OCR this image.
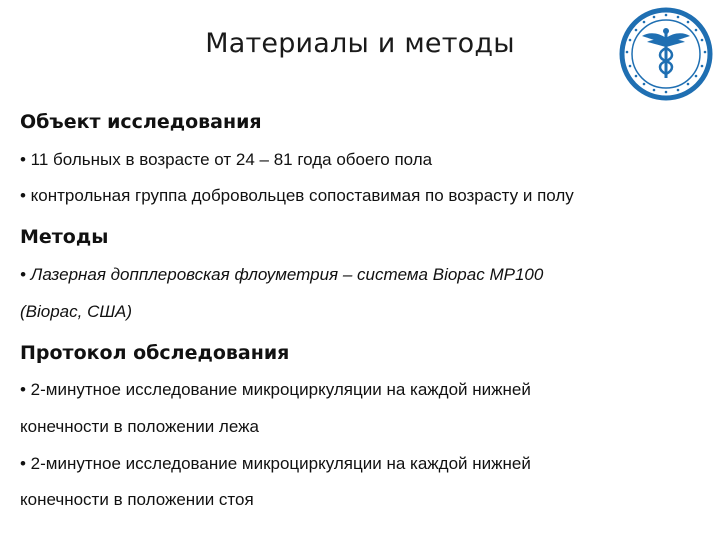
Материалы и методы
Объект исследования
• 11 больных в возрасте от 24 – 81 года обоего пола
• контрольная группа добровольцев сопоставимая по возрасту и полу
Методы
• Лазерная допплеровская флоуметрия – система Biopac MP100
(Biopac, США)
Протокол обследования
• 2-минутное исследование микроциркуляции на каждой нижней
конечности в положении лежа
• 2-минутное исследование микроциркуляции на каждой нижней
конечности в положении стоя
